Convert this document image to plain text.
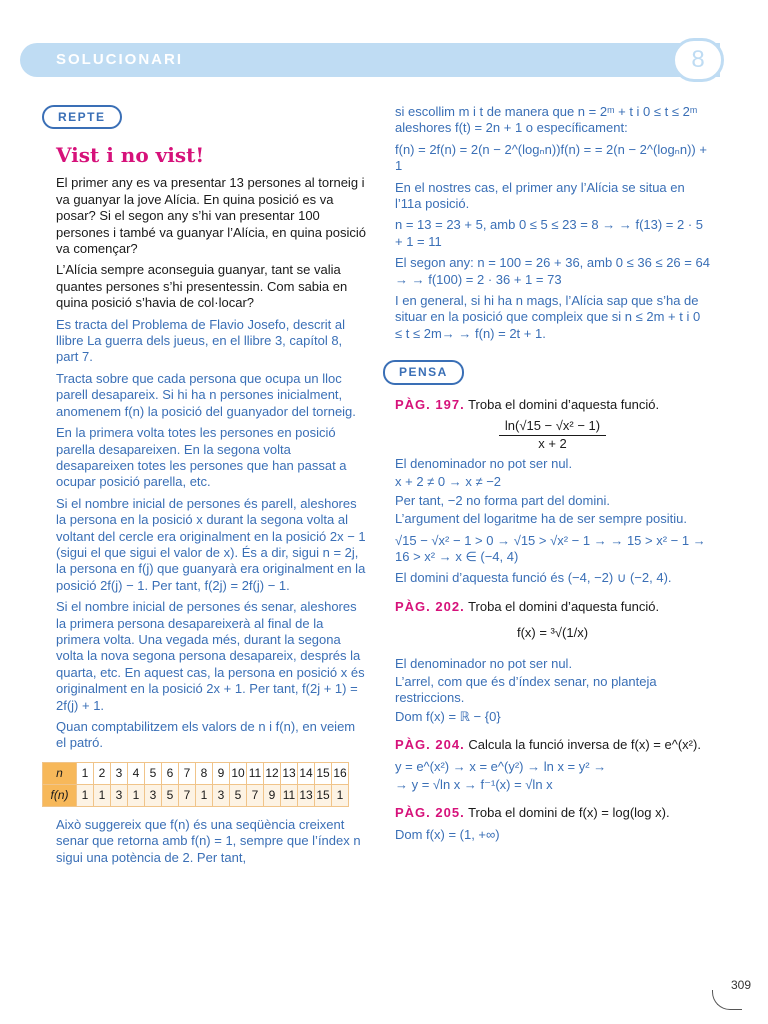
SOLUCIONARI	8
REPTE
Vist i no vist!

El primer any es va presentar 13 persones al torneig i va guanyar la jove Alícia. En quina posició es va posar? Si el segon any s’hi van presentar 100 persones i també va guanyar l’Alícia, en quina posició va començar?

L’Alícia sempre aconseguia guanyar, tant se valia quantes persones s’hi presentessin. Com sabia en quina posició s’havia de col·locar?

Es tracta del Problema de Flavio Josefo, descrit al llibre La guerra dels jueus, en el llibre 3, capítol 8, part 7.

Tracta sobre que cada persona que ocupa un lloc parell desapareix. Si hi ha n persones inicialment, anomenem f(n) la posició del guanyador del torneig.

En la primera volta totes les persones en posició parella desapareixen. En la segona volta desapareixen totes les persones que han passat a ocupar posició parella, etc.

Si el nombre inicial de persones és parell, aleshores la persona en la posició x durant la segona volta al voltant del cercle era originalment en la posició 2x − 1 (sigui el que sigui el valor de x). És a dir, sigui n = 2j, la persona en f(j) que guanyarà era originalment en la posició 2f(j) − 1. Per tant, f(2j) = 2f(j) − 1.

Si el nombre inicial de persones és senar, aleshores la primera persona desapareixerà al final de la primera volta. Una vegada més, durant la segona volta la nova segona persona desapareix, després la quarta, etc. En aquest cas, la persona en posició x és originalment en la posició 2x + 1. Per tant, f(2j + 1) = 2f(j) + 1.

Quan comptabilitzem els valors de n i f(n), en veiem el patró.

n	1	2	3	4	5	6	7	8	9	10	11	12	13	14	15	16
f(n)	1	1	3	1	3	5	7	1	3	5	7	9	11	13	15	1

Això suggereix que f(n) és una seqüència creixent senar que retorna amb f(n) = 1, sempre que l’índex n sigui una potència de 2. Per tant,

si escollim m i t de manera que n = 2ᵐ + t i 0 ≤ t ≤ 2ᵐ aleshores f(t) = 2n + 1 o específicament:

f(n) = 2f(n) = 2(n − 2^(logₙn))f(n) = = 2(n − 2^(logₙn)) + 1

En el nostres cas, el primer any l’Alícia se situa en l’11a posició.

n = 13 = 23 + 5, amb 0 ≤ 5 ≤ 23 = 8 → → f(13) = 2 · 5 + 1 = 11

El segon any: n = 100 = 26 + 36, amb 0 ≤ 36 ≤ 26 = 64 → → f(100) = 2 · 36 + 1 = 73

I en general, si hi ha n mags, l’Alícia sap que s’ha de situar en la posició que compleix que si n ≤ 2m + t i 0 ≤ t ≤ 2m→ → f(n) = 2t + 1.

PENSA

PÀG. 197. Troba el domini d’aquesta funció.

ln(√15 − √x² − 1)
x + 2

El denominador no pot ser nul.

x + 2 ≠ 0 → x ≠ −2

Per tant, −2 no forma part del domini.

L’argument del logaritme ha de ser sempre positiu.

√15 − √x² − 1 > 0 → √15 > √x² − 1 → → 15 > x² − 1 → 16 > x² → x ∈ (−4, 4)

El domini d’aquesta funció és (−4, −2) ∪ (−2, 4).

PÀG. 202. Troba el domini d’aquesta funció.

f(x) = ³√(1/x)

El denominador no pot ser nul.

L’arrel, com que és d’índex senar, no planteja restriccions.

Dom f(x) = ℝ − {0}

PÀG. 204. Calcula la funció inversa de f(x) = e^(x²).

y = e^(x²) → x = e^(y²) → ln x = y² →

→ y = √ln x → f⁻¹(x) = √ln x

PÀG. 205. Troba el domini de f(x) = log(log x).

Dom f(x) = (1, +∞)

309
